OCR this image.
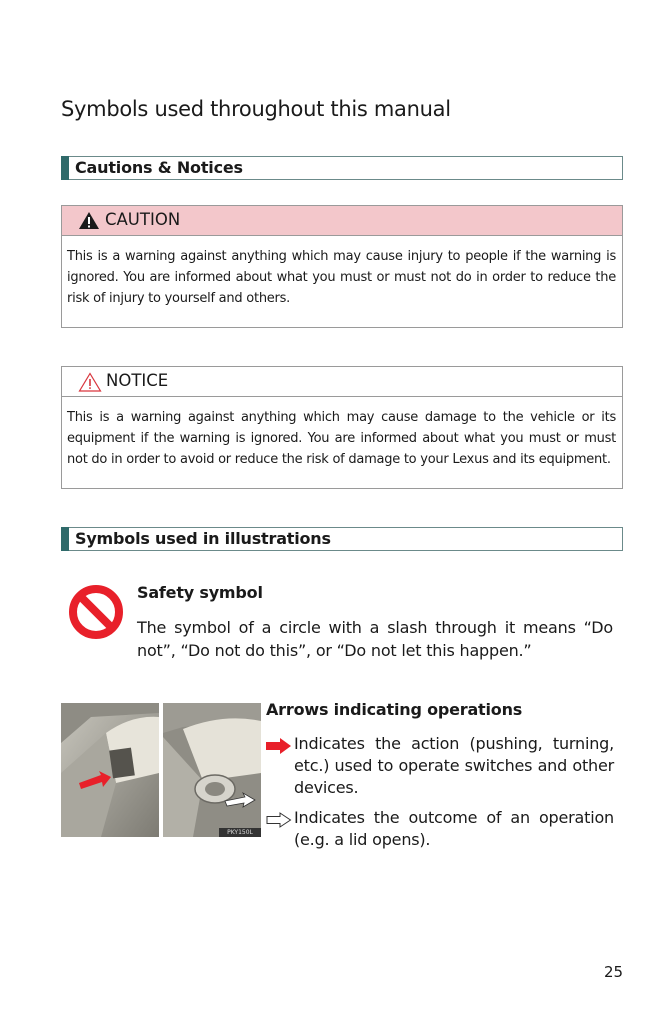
Symbols used throughout this manual
Cautions & Notices
CAUTION
This is a warning against anything which may cause injury to people if the warning is ignored. You are informed about what you must or must not do in order to reduce the risk of injury to yourself and others.
NOTICE
This is a warning against anything which may cause damage to the vehicle or its equipment if the warning is ignored. You are informed about what you must or must not do in order to avoid or reduce the risk of damage to your Lexus and its equipment.
Symbols used in illustrations
Safety symbol
The symbol of a circle with a slash through it means “Do not”, “Do not do this”, or “Do not let this happen.”
PKY150L
Arrows indicating operations
Indicates the action (pushing, turning, etc.) used to operate switches and other devices.
Indicates the outcome of an operation (e.g. a lid opens).
25
